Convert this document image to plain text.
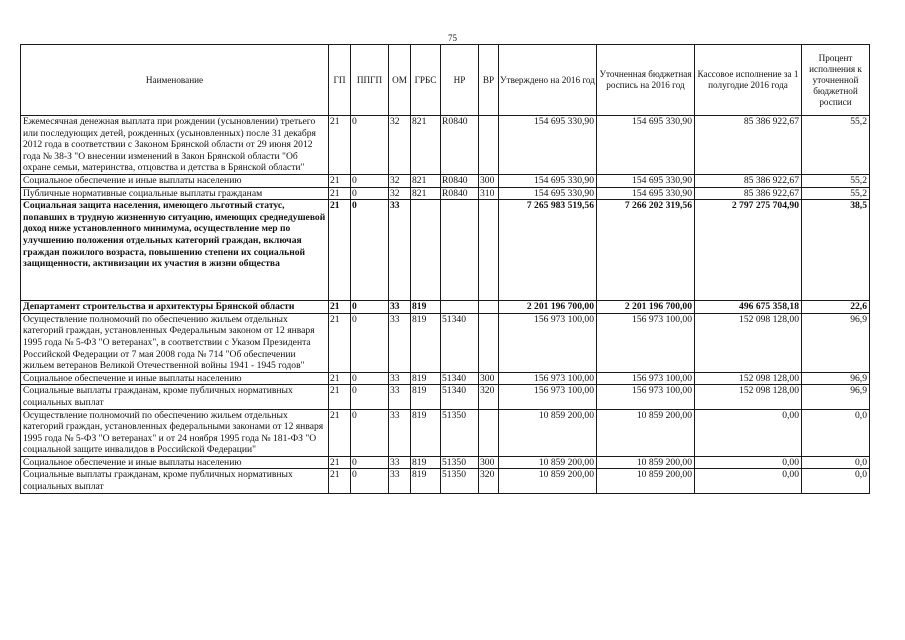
75
Наименование	ГП	ППГП	ОМ	ГРБС	НР	ВР	Утверждено на 2016 год	Уточненная бюджетная роспись на 2016 год	Кассовое исполнение за 1 полугодие 2016 года	Процент исполнения к уточненной бюджетной росписи
Ежемесячная денежная выплата при рождении (усыновлении) третьего или последующих детей, рожденных (усыновленных) после 31 декабря 2012 года в соответствии с Законом Брянской области от 29 июня 2012 года № 38-З "О внесении изменений в Закон Брянской области "Об охране семьи, материнства, отцовства и детства в Брянской области"	21	0	32	821	R0840		154 695 330,90	154 695 330,90	85 386 922,67	55,2
Социальное обеспечение и иные выплаты населению	21	0	32	821	R0840	300	154 695 330,90	154 695 330,90	85 386 922,67	55,2
Публичные нормативные социальные выплаты гражданам	21	0	32	821	R0840	310	154 695 330,90	154 695 330,90	85 386 922,67	55,2
Социальная защита населения, имеющего льготный статус, попавших в трудную жизненную ситуацию, имеющих среднедушевой доход ниже установленного минимума, осуществление мер по улучшению положения отдельных категорий граждан, включая граждан пожилого возраста, повышению степени их социальной защищенности, активизации их участия в жизни общества	21	0	33				7 265 983 519,56	7 266 202 319,56	2 797 275 704,90	38,5
Департамент строительства и архитектуры Брянской области	21	0	33	819			2 201 196 700,00	2 201 196 700,00	496 675 358,18	22,6
Осуществление полномочий по обеспечению жильем отдельных категорий граждан, установленных Федеральным законом от 12 января 1995 года № 5-ФЗ "О ветеранах", в соответствии с Указом Президента Российской Федерации от 7 мая 2008 года № 714 "Об обеспечении жильем ветеранов Великой Отечественной войны 1941 - 1945 годов"	21	0	33	819	51340		156 973 100,00	156 973 100,00	152 098 128,00	96,9
Социальное обеспечение и иные выплаты населению	21	0	33	819	51340	300	156 973 100,00	156 973 100,00	152 098 128,00	96,9
Социальные выплаты гражданам, кроме публичных нормативных социальных выплат	21	0	33	819	51340	320	156 973 100,00	156 973 100,00	152 098 128,00	96,9
Осуществление полномочий по обеспечению жильем отдельных категорий граждан, установленных федеральными законами от 12 января 1995 года № 5-ФЗ "О ветеранах" и от 24 ноября 1995 года № 181-ФЗ "О социальной защите инвалидов в Российской Федерации"	21	0	33	819	51350		10 859 200,00	10 859 200,00	0,00	0,0
Социальное обеспечение и иные выплаты населению	21	0	33	819	51350	300	10 859 200,00	10 859 200,00	0,00	0,0
Социальные выплаты гражданам, кроме публичных нормативных социальных выплат	21	0	33	819	51350	320	10 859 200,00	10 859 200,00	0,00	0,0
